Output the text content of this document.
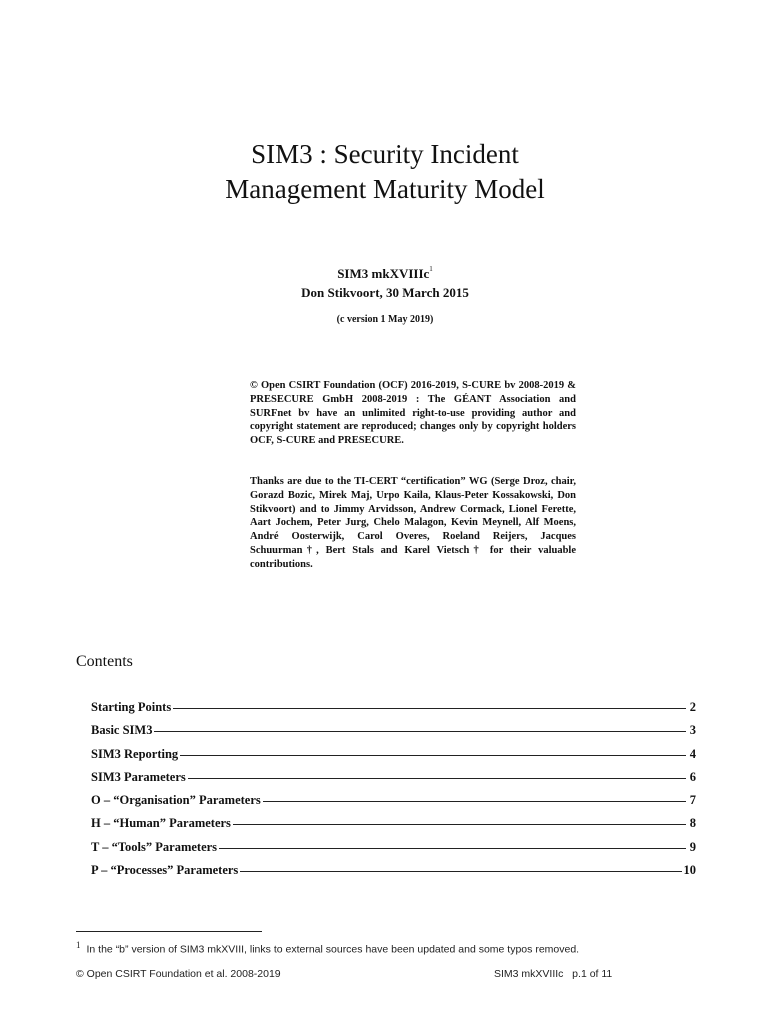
SIM3 : Security Incident
Management Maturity Model
SIM3 mkXVIIIc$^1$
Don Stikvoort, 30 March 2015
(c version 1 May 2019)

© Open CSIRT Foundation (OCF) 2016-2019, S-CURE bv 2008-2019 & PRESECURE GmbH 2008-2019 : The GÉANT Association and SURFnet bv have an unlimited right-to-use providing author and copyright statement are reproduced; changes only by copyright holders OCF, S-CURE and PRESECURE.

Thanks are due to the TI-CERT “certification” WG (Serge Droz, chair, Gorazd Bozic, Mirek Maj, Urpo Kaila, Klaus-Peter Kossakowski, Don Stikvoort) and to Jimmy Arvidsson, Andrew Cormack, Lionel Ferette, Aart Jochem, Peter Jurg, Chelo Malagon, Kevin Meynell, Alf Moens, André Oosterwijk, Carol Overes, Roeland Reijers, Jacques Schuurman†, Bert Stals and Karel Vietsch† for their valuable contributions.

Contents
Starting Points	2
Basic SIM3	3
SIM3 Reporting	4
SIM3 Parameters	6
O – “Organisation” Parameters	7
H – “Human” Parameters	8
T – “Tools” Parameters	9
P – “Processes” Parameters	10
$^1$ In the “b” version of SIM3 mkXVIII, links to external sources have been updated and some typos removed.
© Open CSIRT Foundation et al. 2008-2019	SIM3 mkXVIIIc   p.1 of 11
